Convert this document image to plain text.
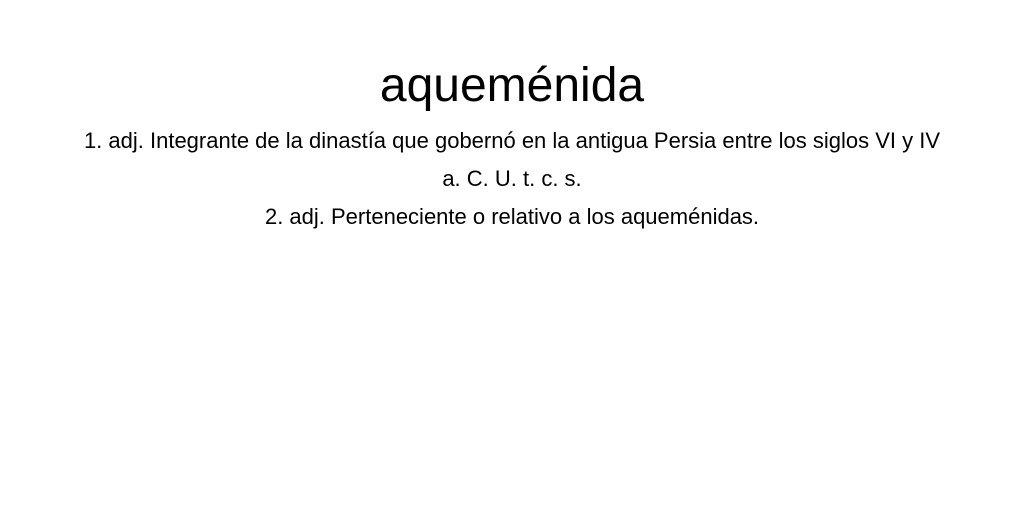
aqueménida

1. adj. Integrante de la dinastía que gobernó en la antigua Persia entre los siglos VI y IV a. C. U. t. c. s.

2. adj. Perteneciente o relativo a los aqueménidas.
